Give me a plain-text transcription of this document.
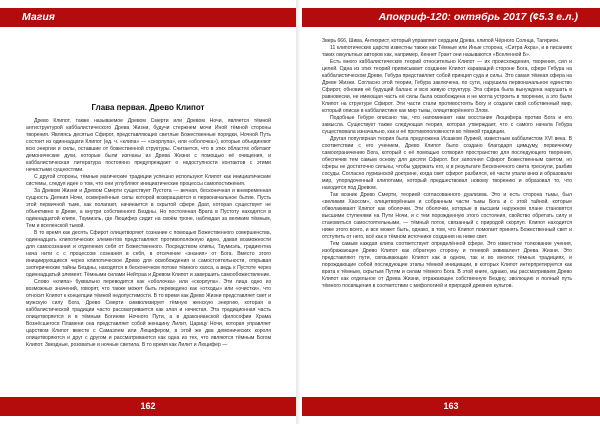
Магия
Глава первая. Древо Клипот

Древо Клипот, также называемое Древом Смерти или Древом Ночи, является тёмной антиструктурой каббалистического Древа Жизни, будучи стержнем мочи Иной тёмной стороны творения. Являясь десятью Сфирот, представляющих светлые Божественные порядки, Ночной Путь состоит из одиннадцати Клипот (ед. ч. «клипа» — «скорлупа», или «оболочка»), которые объединяют всю энергии и силы, оставшие от божественной структуры. Считается, что в этих областях обитают демонические духи, которые были изгнаны из Древа Жизни с помощью её очищения, и каббалистическая литература постоянно предупреждает о недоступности контактов с этими нечистыми сущностями.

С другой стороны, тёмные магические традиции успешно используют Клипот как инициатические системы, следуя идее о том, что они углубляют инициатические процессы самопостижения.

За Древом Жизни и Древом Смерти существует Пустота — вечная, бесконечная и вневременная сущность Деяния Ночи, осквернённые силы которой возвращаются в первоначальное бытие. Пусть этой первичной тьме, как полагают, начинается в скрытой сфере Даат, которая существует не объективно в Древе, а внутри собственного Бездны. Но постоянная Врата в Пустоту находятся в одиннадцатой клипе, Таумиэль, где Люцифер сидит на своём троне, наблюдая за великим тёмным, Тем и вселенской тьмой.

В то время как десять Сфирот олицетворяют сознание с помощью Божественного совершенства, одиннадцать клипотических элементов представляют противоположную идею, давая возможности для самосознания и отделения себя от Божественного. Посредством клипы, Таумиэль, градиентна нача нити с с процессом сознания в себя, в отсечение «знания» от Бога. Вместо этого инициирующиеся через клипотическое Древо для освобождения и самостоятельности, открывая эзотерические тайны Бездны, находятся в бесконечном потоке тёмного хаоса, а ведь к Пустоте через одиннадцатый элемент. Тёмными силами Нейтраа и Древом Клипот и завершить самообожествление.

Слово «клипа» буквально переводится как «оболочка» или «скорлупа». Эти лица одно из возможных значений, говорят, что также может быть переведено как «отходы» или «очистки», что относит Клипот к концепции тёмной недопустимости. В то время как Древо Жизни представляет свет и мужскую силу Бога, Древо Смерти символизирует тёмную женскую энергию, которая в каббалистической традиции часто рассматривается как злая и нечистая. Эта традиционная часть олицетворяется и в тёмным Богиням Ночного Пути, а в драконианской философии Храма Вознёсшегося Пламени она представляет собой женщину Лилит, Царицу Ночи, которая управляет царством Клипот вместе с Самаэлем или Люцифером, в этой же два демонических короля олицетворяются и друг с другом и рассматриваются как одна из тех, что являются тёмным Богом Клипот. Звездные, розоватые и ночные светила. В то время как Лилит и Люцифер —

162
Апокриф-120: октябрь 2017 (¢5.3 е.л.)

Зверь 666, Шива, Антихрист, который управляет сердцем Древа, клипой Чёрного Солнца, Тагирион.

11 клипотических царств известны также как Тёмные или Иные сторона, «Ситра Ахра», и в писаниях таких оккультных авторов как, например, Кеннет Грант они называются «Вселенной Б».

Есть много каббалистических теорий относительно Клипот — их происхождения, творения, сил и целей. Одна из этих теорий приписывает создание Клипот караващей стороне Бога, сфере Гебура на каббалистическом Древе. Гебура представляет собой принцип суда и силы. Это самая тёмная сфера на Древе Жизни. Согласно этой теории, Гебура заключена, по сути, нарушила первоначальное единство Сфирот, обновив её будущий баланс и всю живую структуру. Эта сфера была вынуждена нарушать в равновесии, не имеющая часть её силы была освобождена и не могла устроить в творении, а это были Клипот на структуре Сфирот. Эти части стали противостоять Богу и создали свой собственный мир, который описан в каббалистике как мир тьмы, олицетворённого Злом.

Подобные Гебуре описано так, что напоминают нам восстание Люцифера против Бога и его замысла. Существует также следующая теория, которая утверждает, что с самого начала Гебура существовала изначально, как и её противоположности во тёмной традиции.

Другая популярная теория была предложена Исааком Лурией, известным каббалистом XVI века. В соответствии с его учением, Древо Клипот было создано благодаря цимцуму, первичному самоограничению Бога, который с её помощью сотворил пространство для последующего творения, обеспечив тем самым основу для десяти Сфирот. Бог заполнил Сфирот Божественным светом, но сферы не достаточно сильны, чтобы удержать его, и в результате Бесконечного света треснули, разбив сосуды. Согласно лурианской доктрине, когда свет сфирот разбился, её части упали вниз и образовали мир, упорядоченный клипотами, который предшествовал новому творению и образовал то, что находится под Древом.

Так возник Древо Смерти, теорией согласованного дуализма. Это и есть сторона тьмы, был «великим Хаосом», олицетворённым и собранным части тьмы Бога и с этой тайной, которые обволакивают Клипот как оболочки. Эти оболочки, которые в высшем наружном плане становятся высшими ступенями на Пути Ночи, и с тем порожденную этого состояния, свойство обретать силу и становиться самостоятельными, — тёмный поток, связанный с природой скорлуп. Клипот находится ниже этого всего, и все может быть, однако, в том, что Клипот помогает принять Божественный свет и отступить от него, всё как в тёмном источнике создания на ниже свет.

Тем самым каждая клипа соответствует определённой сфере. Это известное толкование учения, изображающее Древо Клипот как обратную сторону и теневой эквивалент Древа Жизни. Это представляют пути, связывающие Клипот как в одном, так и во многих тёмных традициях, и порождающие собой последующие этапы тёмной инициации, в которых Клипот интерпретируется как врата к тёмным, скрытым Путям и силам тёмного Бога. В этой книге, однако, мы рассматриваем Древо Клипот как отдельное от Древа Жизни, отражающее собственную Бездну, эволюцию и полный путь тёмного посвящения в соответствии с мифологией и природой древних культов.

163
